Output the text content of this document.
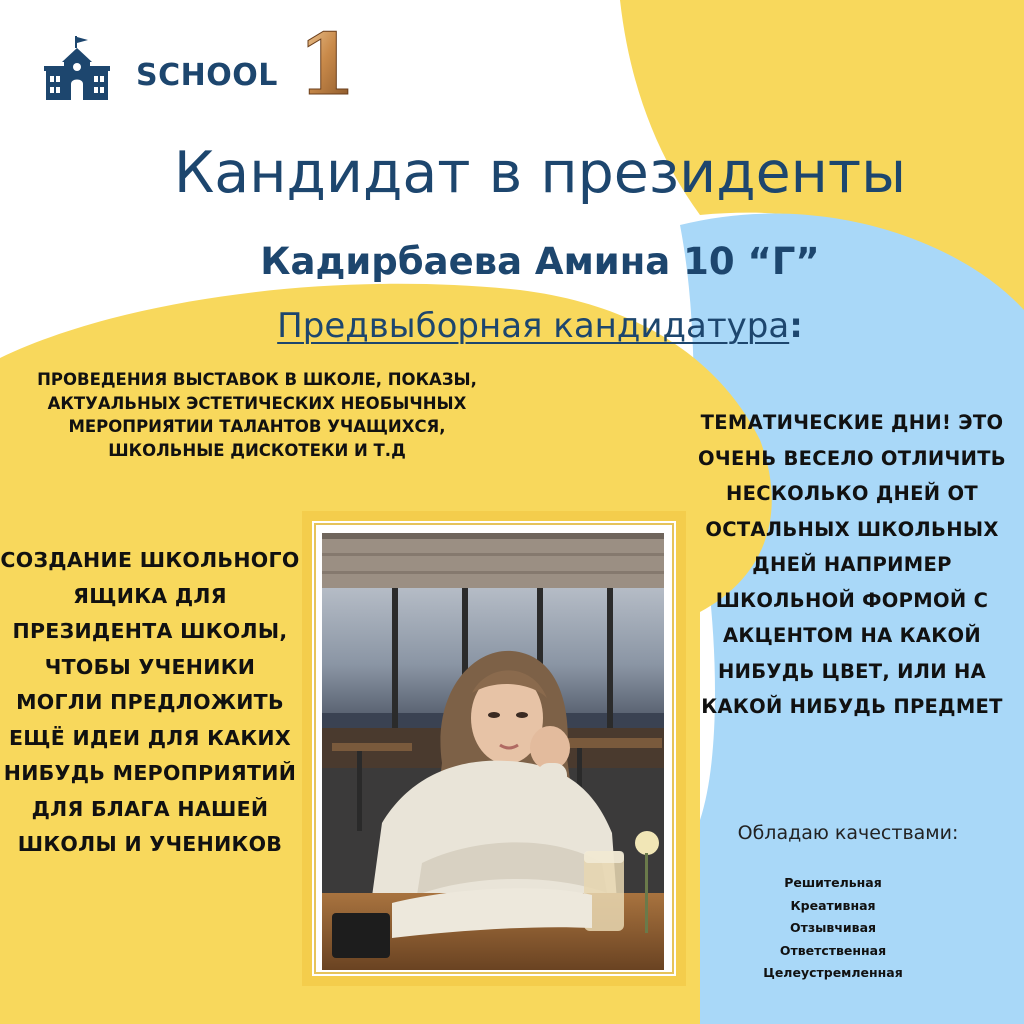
SCHOOL 1
Кандидат в президенты
Кадирбаева Амина 10 “Г”
Предвыборная кандидатура:
ПРОВЕДЕНИЯ ВЫСТАВОК В ШКОЛЕ, ПОКАЗЫ, АКТУАЛЬНЫХ ЭСТЕТИЧЕСКИХ НЕОБЫЧНЫХ МЕРОПРИЯТИИ ТАЛАНТОВ УЧАЩИХСЯ, ШКОЛЬНЫЕ ДИСКОТЕКИ И Т.Д
СОЗДАНИЕ ШКОЛЬНОГО ЯЩИКА ДЛЯ ПРЕЗИДЕНТА ШКОЛЫ, ЧТОБЫ УЧЕНИКИ МОГЛИ ПРЕДЛОЖИТЬ ЕЩЁ ИДЕИ ДЛЯ КАКИХ НИБУДЬ МЕРОПРИЯТИЙ ДЛЯ БЛАГА НАШЕЙ ШКОЛЫ И УЧЕНИКОВ
ТЕМАТИЧЕСКИЕ ДНИ! ЭТО ОЧЕНЬ ВЕСЕЛО ОТЛИЧИТЬ НЕСКОЛЬКО ДНЕЙ ОТ ОСТАЛЬНЫХ ШКОЛЬНЫХ ДНЕЙ НАПРИМЕР ШКОЛЬНОЙ ФОРМОЙ С АКЦЕНТОМ НА КАКОЙ НИБУДЬ ЦВЕТ, ИЛИ НА КАКОЙ НИБУДЬ ПРЕДМЕТ
Обладаю качествами:
Решительная
Креативная
Отзывчивая
Ответственная
Целеустремленная
